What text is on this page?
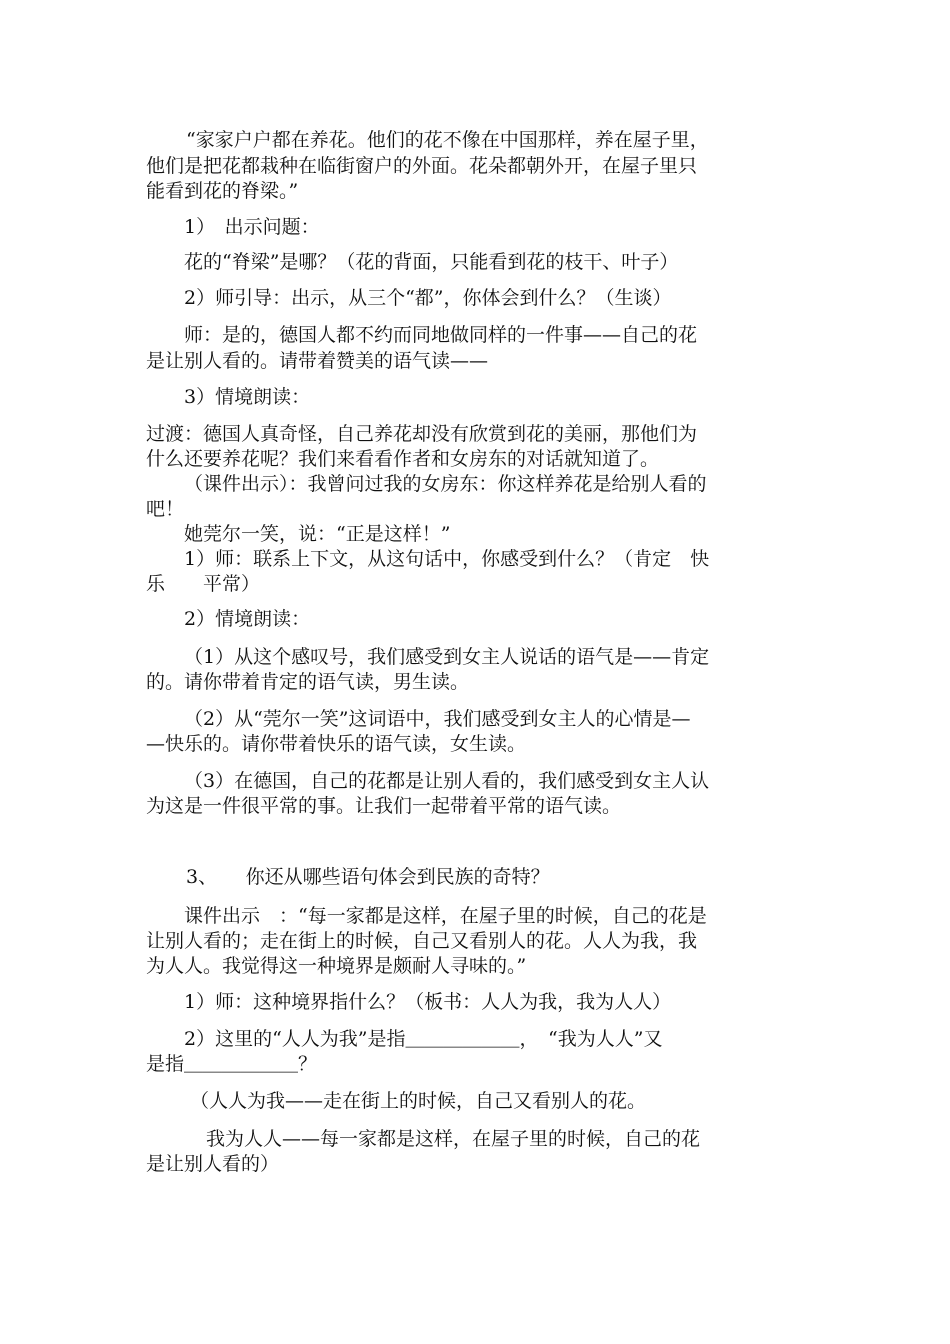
“家家户户都在养花。他们的花不像在中国那样，养在屋子里，
他们是把花都栽种在临街窗户的外面。花朵都朝外开，在屋子里只
能看到花的脊梁。”
1）　出示问题：
花的“脊梁”是哪？（花的背面，只能看到花的枝干、叶子）
2）师引导：出示，从三个“都”，你体会到什么？（生谈）
师：是的，德国人都不约而同地做同样的一件事——自己的花
是让别人看的。请带着赞美的语气读——
3）情境朗读：
过渡：德国人真奇怪，自己养花却没有欣赏到花的美丽，那他们为
什么还要养花呢？我们来看看作者和女房东的对话就知道了。
（课件出示）：我曾问过我的女房东：你这样养花是给别人看的
吧！
她莞尔一笑，说：“正是这样！”
1）师：联系上下文，从这句话中，你感受到什么？（肯定　快
乐　　平常）
2）情境朗读：
（1）从这个感叹号，我们感受到女主人说话的语气是——肯定
的。请你带着肯定的语气读，男生读。
（2）从“莞尔一笑”这词语中，我们感受到女主人的心情是—
—快乐的。请你带着快乐的语气读，女生读。
（3）在德国，自己的花都是让别人看的，我们感受到女主人认
为这是一件很平常的事。让我们一起带着平常的语气读。
3、　　你还从哪些语句体会到民族的奇特？
课件出示　：“每一家都是这样，在屋子里的时候，自己的花是
让别人看的；走在街上的时候，自己又看别人的花。人人为我，我
为人人。我觉得这一种境界是颇耐人寻味的。”
1）师：这种境界指什么？（板书：人人为我，我为人人）
2）这里的“人人为我”是指＿＿＿＿＿＿，　“我为人人”又
是指＿＿＿＿＿＿？
（人人为我——走在街上的时候，自己又看别人的花。
我为人人——每一家都是这样，在屋子里的时候，自己的花
是让别人看的）
